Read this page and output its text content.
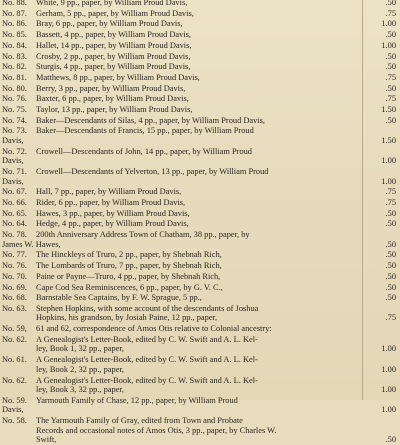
No. 88. White, 9 pp., paper, by William Proud Davis,	.50
No. 87. Gerham, 5 pp., paper, by William Proud Davis,	.75
No. 86. Bray, 6 pp., paper, by William Proud Davis,	1.00
No. 85. Bassett, 4 pp., paper, by William Proud Davis,	.50
No. 84. Hallet, 14 pp., paper, by William Proud Davis,	1.00
No. 83. Crosby, 2 pp., paper, by William Proud Davis,	.50
No. 82. Sturgis, 4 pp., paper, by William Proud Davis,	.50
No. 81. Matthews, 8 pp., paper, by William Proud Davis,	.75
No. 80. Berry, 3 pp., paper, by William Proud Davis,	.50
No. 76. Baxter, 6 pp., paper, by William Proud Davis,	.75
No. 75. Taylor, 13 pp., paper, by William Proud Davis,	1.50
No. 74. Baker—Descendants of Silas, 4 pp., paper, by William Proud Davis,	.50
No. 73. Baker—Descendants of Francis, 15 pp., paper, by William Proud
Davis,	1.50
No. 72. Crowell—Descendants of John, 14 pp., paper, by William Proud
Davis,	1.00
No. 71. Crowell—Descendants of Yelverton, 13 pp., paper, by William Proud
Davis,	1.00
No. 67. Hall, 7 pp., paper, by William Proud Davis,	.75
No. 66. Rider, 6 pp., paper, by William Proud Davis,	.75
No. 65. Hawes, 3 pp., paper, by William Proud Davis,	.50
No. 64. Hedge, 4 pp., paper, by William Proud Davis,	.50
No. 78. 200th Anniversary Address Town of Chatham, 38 pp., paper, by
James W. Hawes,	.50
No. 77. The Hinckleys of Truro, 2 pp., paper, by Shebnah Rich,	.50
No. 76. The Lombards of Truro, 7 pp., paper, by Shebnah Rich,	.50
No. 70. Paine or Payne—Truro, 4 pp., paper, by Shebnah Rich,	.50
No. 69. Cape Cod Sea Reminiscences, 6 pp., paper, by G. V. C.,	.50
No. 68. Barnstable Sea Captains, by F. W. Sprague, 5 pp.,	.50
No. 63. Stephen Hopkins, with some account of the descendants of Joshua
Hopkins, his grandson, by Josiah Paine, 12 pp., paper,	.75
No. 59, 61 and 62, correspondence of Amos Otis relative to Colonial ancestry:
No. 62. A Genealogist's Letter-Book, edited by C. W. Swift and A. L. Kel-
ley, Book 1, 32 pp., paper,	1.00
No. 61. A Genealogist's Letter-Book, edited by C. W. Swift and A. L. Kel-
ley, Book 2, 32 pp., paper,	1.00
No. 62. A Genealogist's Letter-Book, edited by C. W. Swift and A. L. Kel-
ley, Book 3, 32 pp., paper,	1.00
No. 59. Yarmouth Family of Chase, 12 pp., paper, by William Proud
Davis,	1.00
No. 58. The Yarmouth Family of Gray, edited from Town and Probate
Records and occasional notes of Amos Otis, 3 pp., paper, by Charles W.
Swift,	.50
